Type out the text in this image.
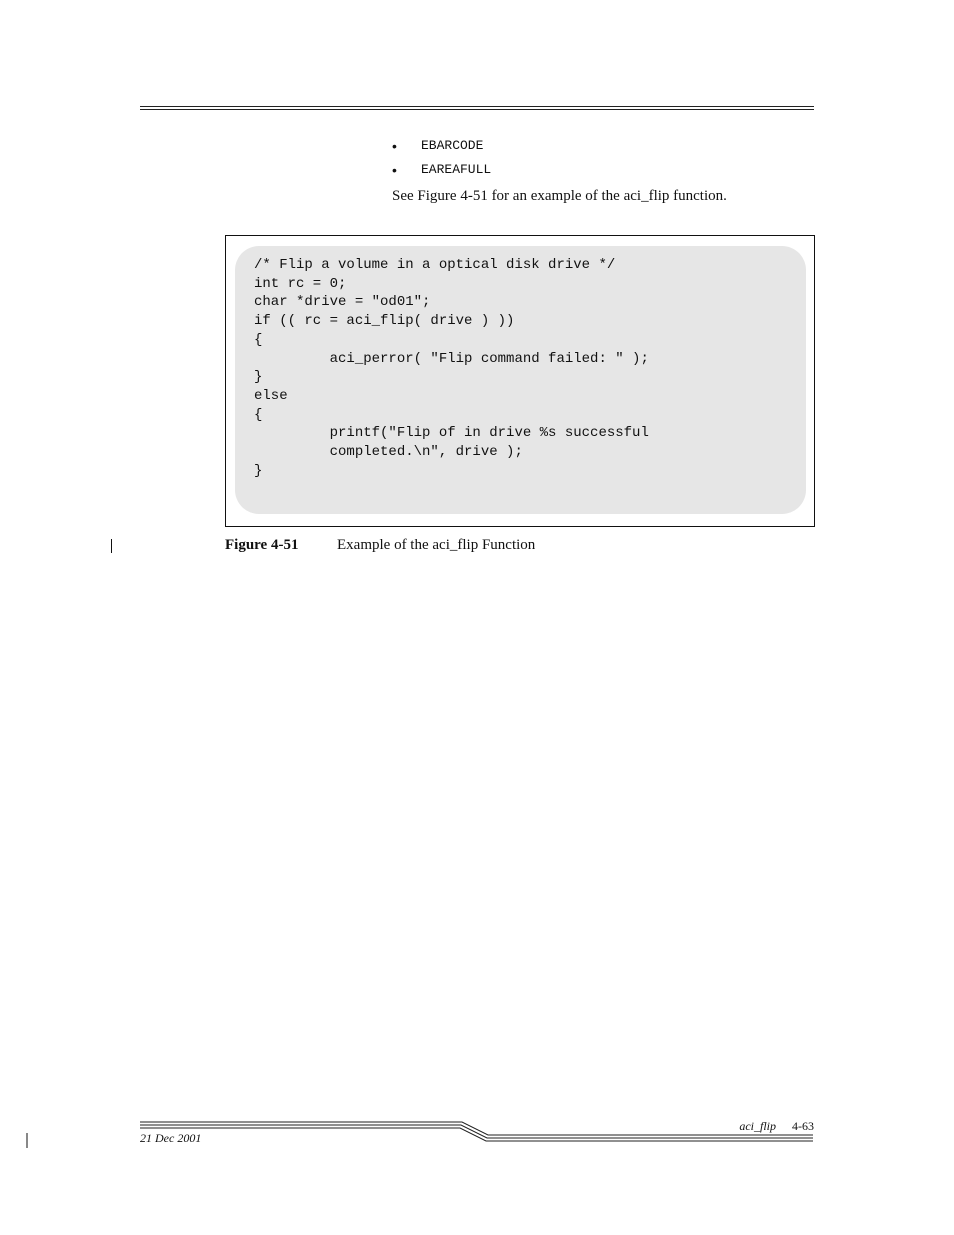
• EBARCODE
• EAREAFULL
See Figure 4-51 for an example of the aci_flip function.
/* Flip a volume in a optical disk drive */
int rc = 0;
char *drive = "od01";
if (( rc = aci_flip( drive ) ))
{
aci_perror( "Flip command failed: " );
}
else
{
printf("Flip of in drive %s successful
completed.\n", drive );
}
Figure 4-51	Example of the aci_flip Function
aci_flip 4-63
21 Dec 2001
